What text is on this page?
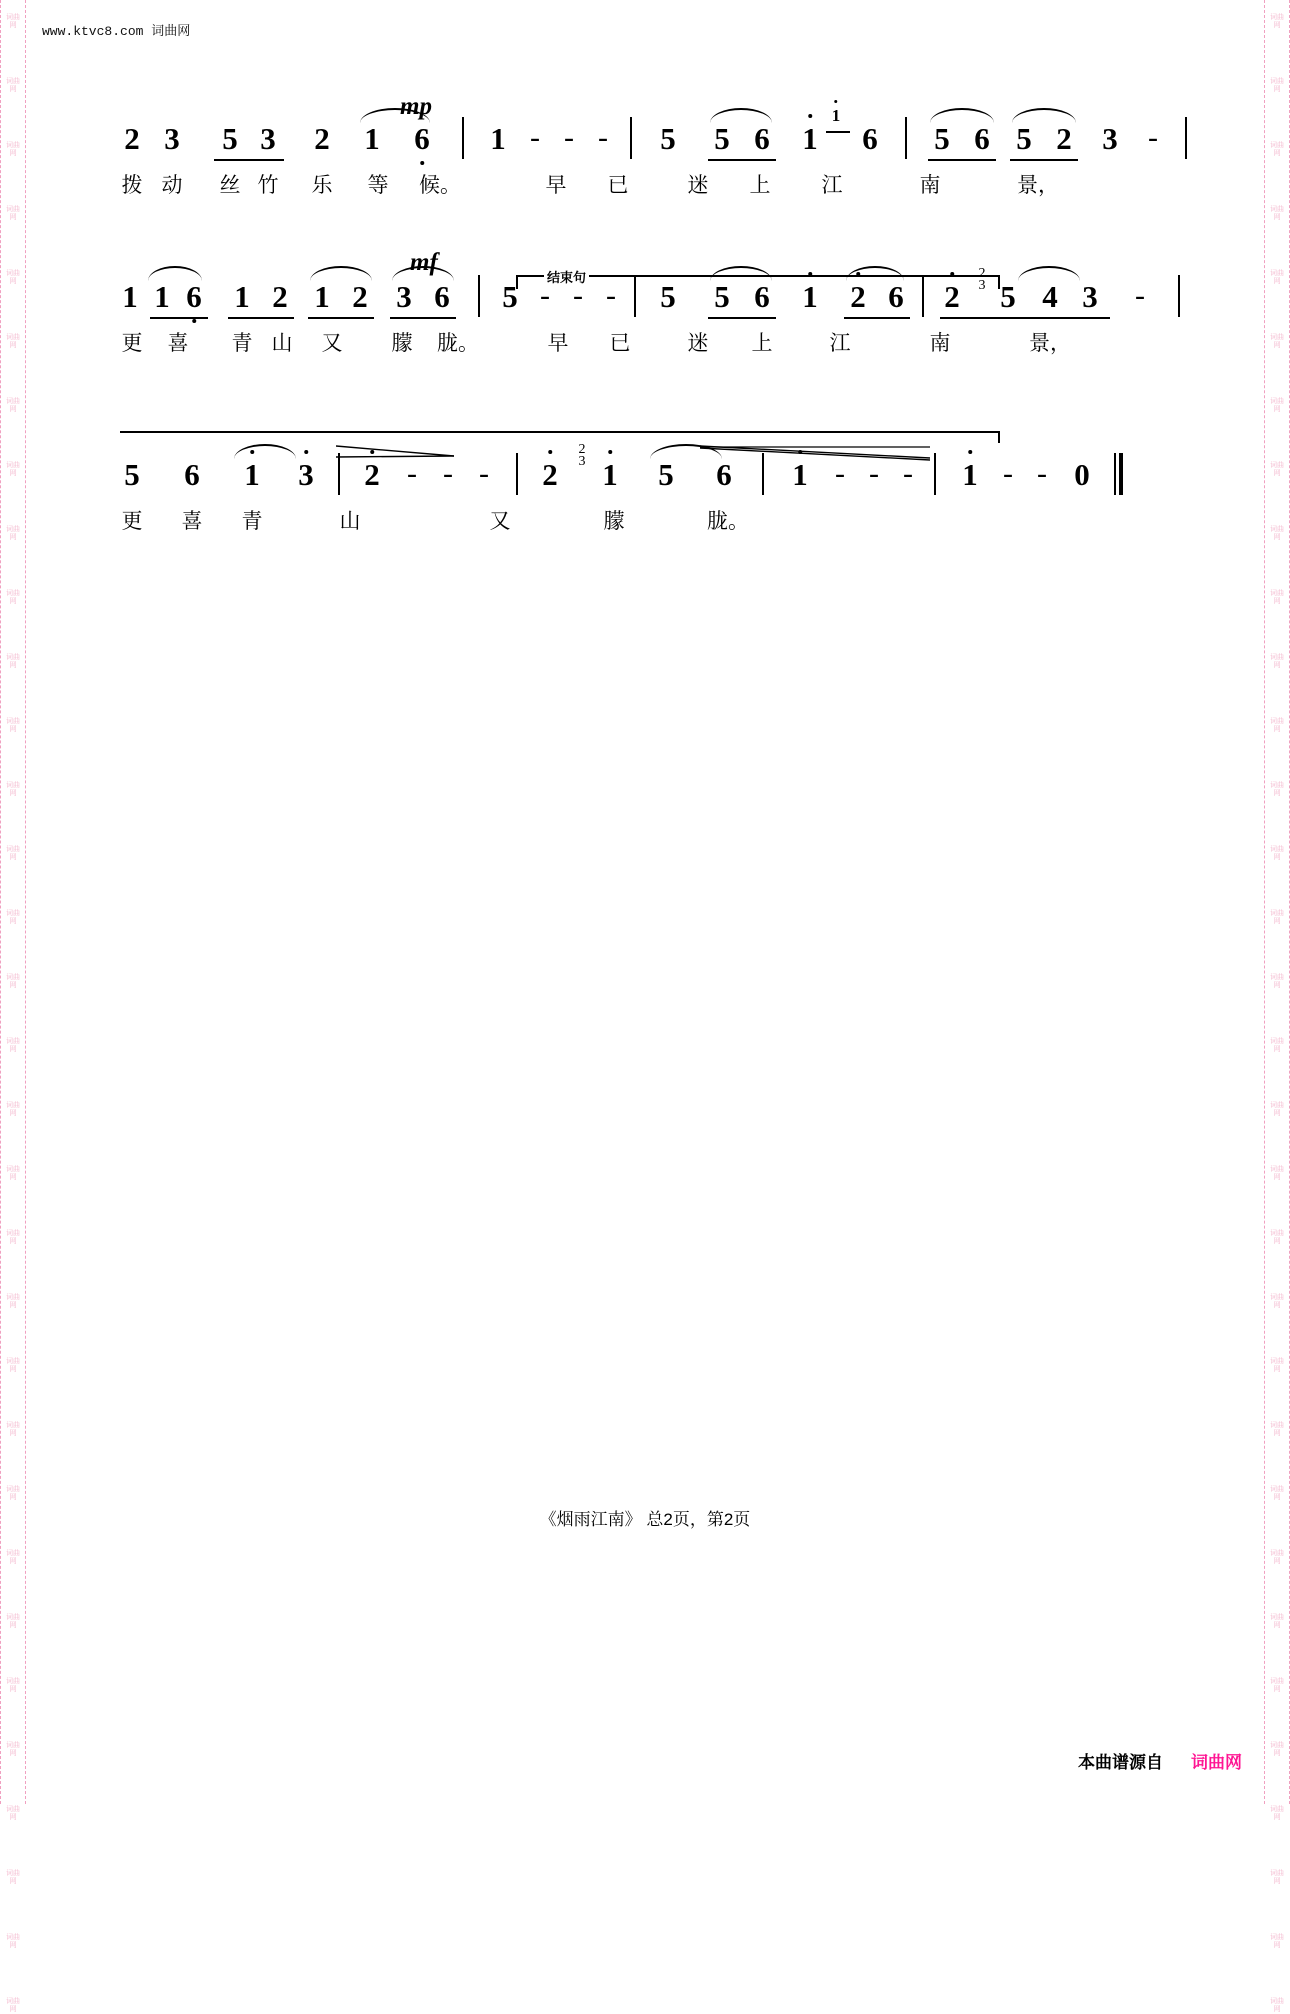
词曲网
词曲网
词曲网
词曲网
词曲网
词曲网
词曲网
词曲网
词曲网
词曲网
词曲网
词曲网
词曲网
词曲网
词曲网
词曲网
词曲网
词曲网
词曲网
词曲网
词曲网
词曲网
词曲网
词曲网
词曲网
词曲网
词曲网
词曲网
词曲网
词曲网
词曲网
词曲网
词曲网
词曲网
词曲网
词曲网
词曲网
词曲网
词曲网
词曲网
词曲网
词曲网
词曲网
词曲网
词曲网
词曲网
词曲网
词曲网
词曲网
词曲网
词曲网
词曲网
词曲网
词曲网
词曲网
词曲网
词曲网
词曲网
词曲网
词曲网
词曲网
词曲网
词曲网
词曲网
www.ktvc8.com 词曲网
mp
2 3 5 3 2 1 6 1 - - - 5 5 6 1 6
1
5 6 5 2 3 -
拨 动 丝 竹 乐 等 候。	早 已	迷 上 江	南	景，
结束句
mf
1 1 6 1 2 1 2 3 6 5 - - - 5 5 6 1 2 6 2
2
3 5 4 3 -
更 喜 青 山 又 朦 胧。	早 已	迷 上	江	南	景，
5 6 1 3 2 - - - 2
2
3 1 5 6 1 - - - 1 - - 0
更 喜 青	山	又	朦	胧。
《烟雨江南》 总2页，第2页
本曲谱源自 词曲网
